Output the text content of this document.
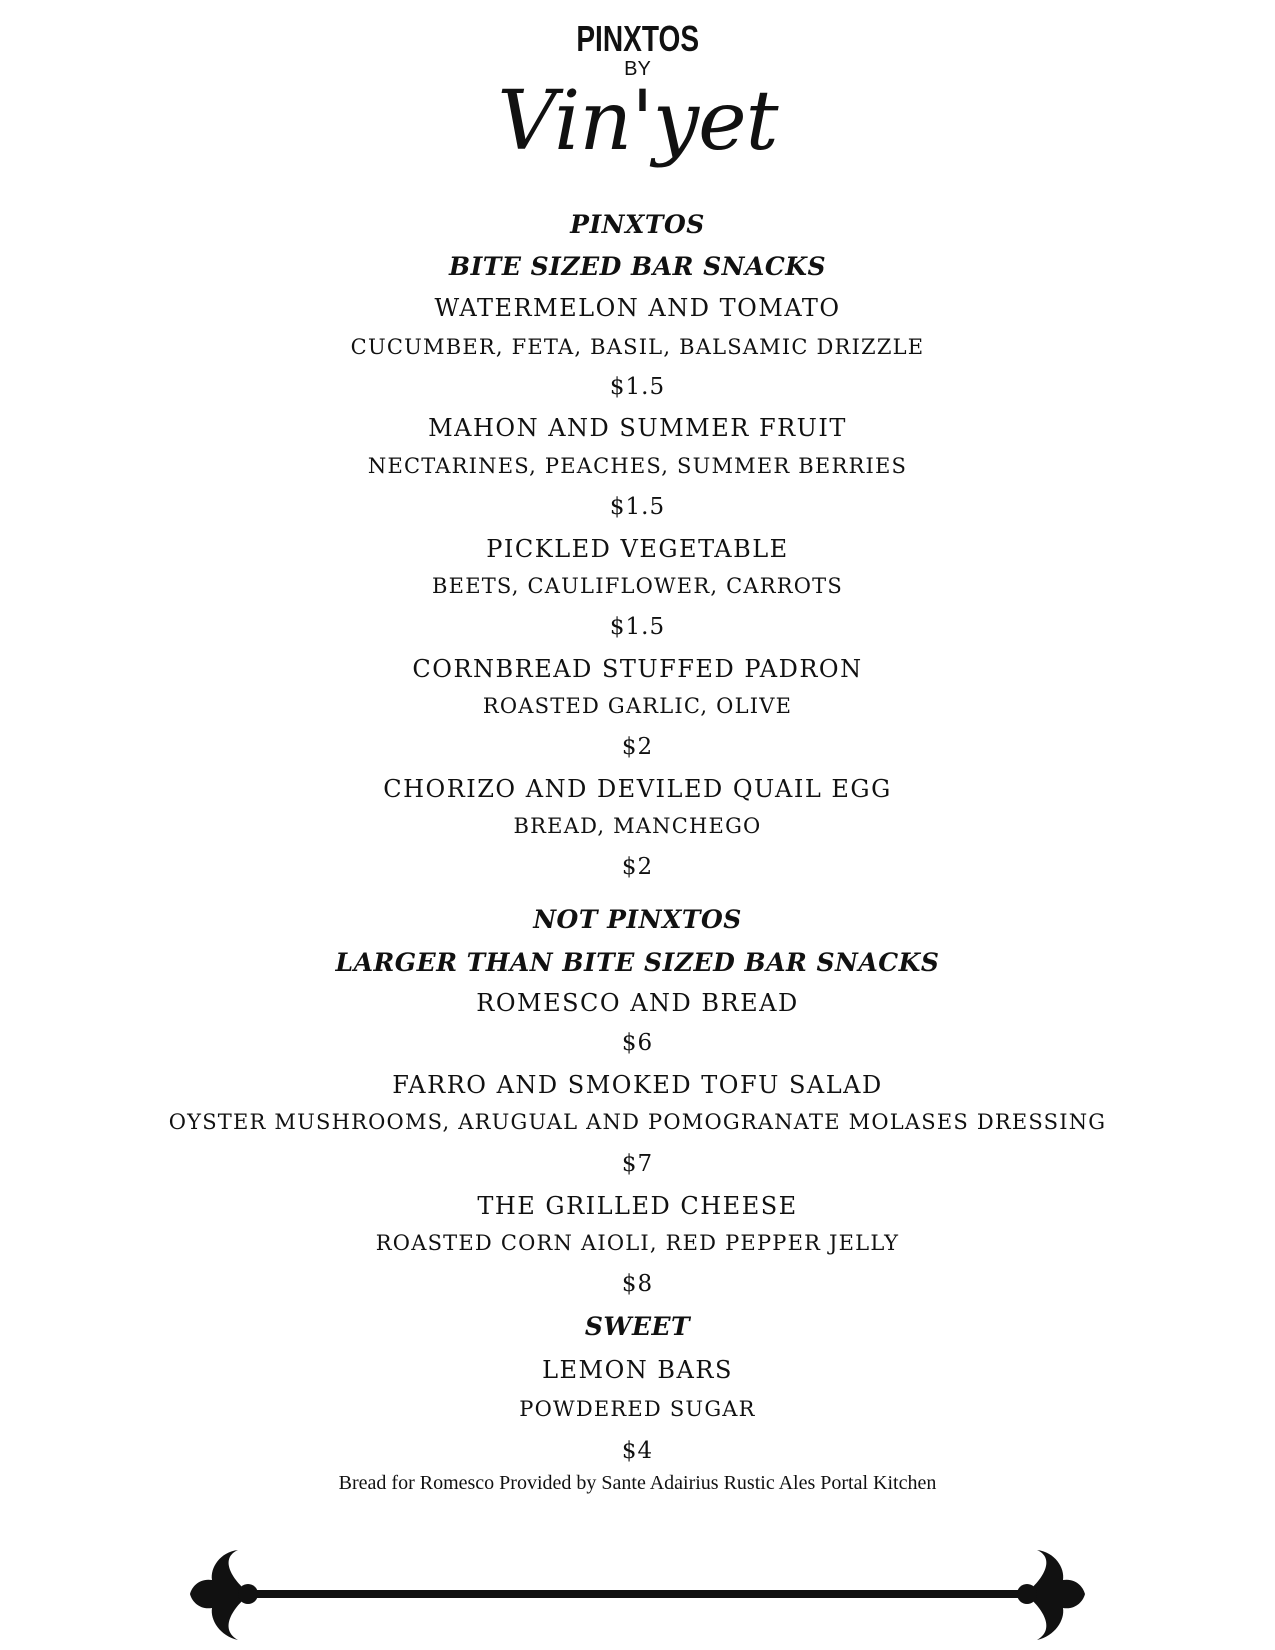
PINXTOS
BY
Vin'yet
PINXTOS
BITE SIZED BAR SNACKS
WATERMELON AND TOMATO
CUCUMBER, FETA, BASIL, BALSAMIC DRIZZLE
$1.5
MAHON AND SUMMER FRUIT
NECTARINES, PEACHES, SUMMER BERRIES
$1.5
PICKLED VEGETABLE
BEETS, CAULIFLOWER, CARROTS
$1.5
CORNBREAD STUFFED PADRON
ROASTED GARLIC, OLIVE
$2
CHORIZO AND DEVILED QUAIL EGG
BREAD, MANCHEGO
$2
NOT PINXTOS
LARGER THAN BITE SIZED BAR SNACKS
ROMESCO AND BREAD
$6
FARRO AND SMOKED TOFU SALAD
OYSTER MUSHROOMS, ARUGUAL AND POMOGRANATE MOLASES DRESSING
$7
THE GRILLED CHEESE
ROASTED CORN AIOLI, RED PEPPER JELLY
$8
SWEET
LEMON BARS
POWDERED SUGAR
$4
Bread for Romesco Provided by Sante Adairius Rustic Ales Portal Kitchen
